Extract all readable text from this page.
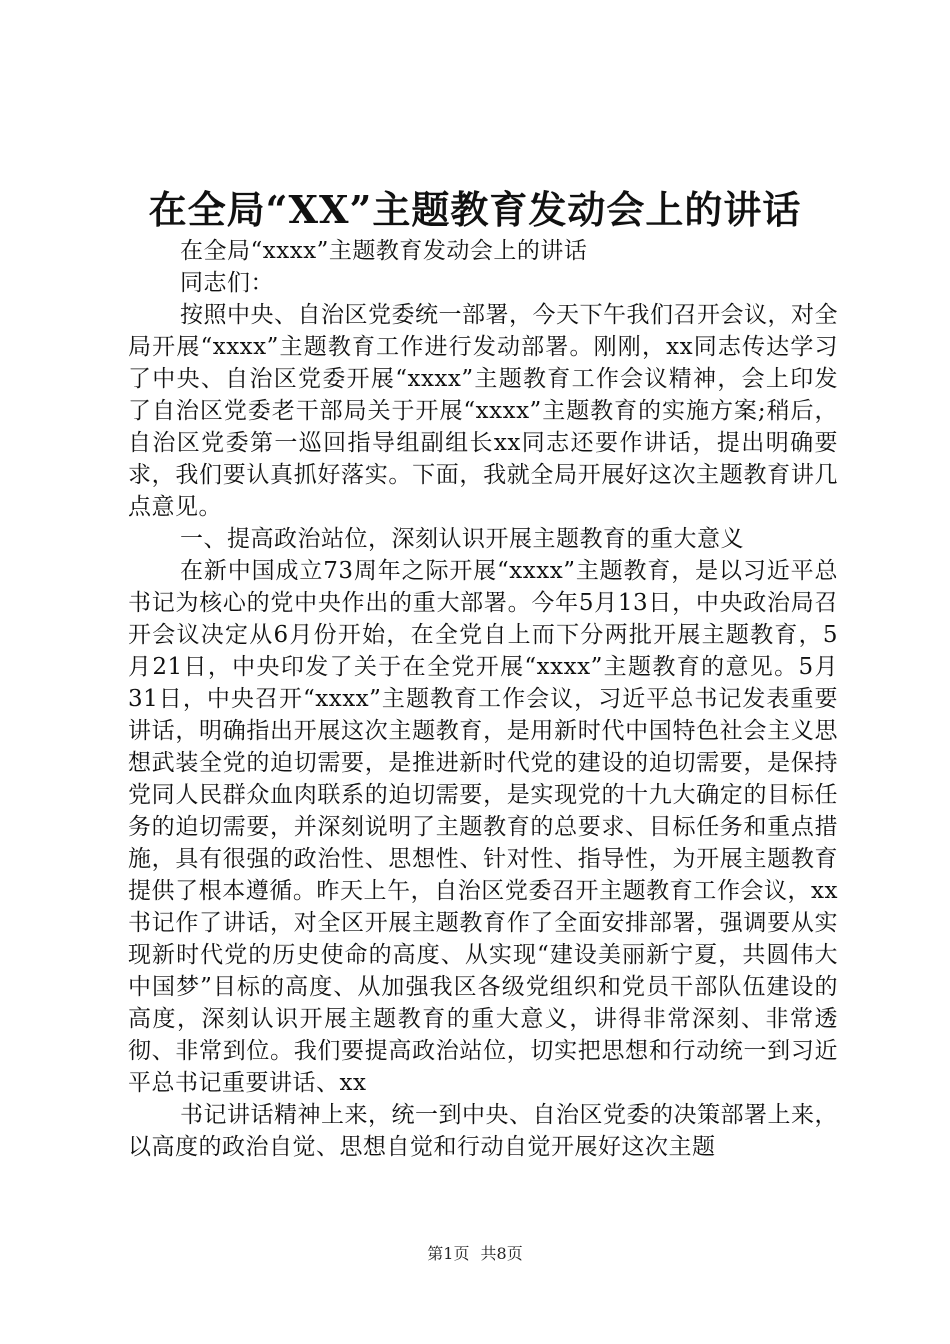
在全局“XX”主题教育发动会上的讲话

在全局“xxxx”主题教育发动会上的讲话

同志们：

按照中央、自治区党委统一部署，今天下午我们召开会议，对全局开展“xxxx”主题教育工作进行发动部署。刚刚，xx同志传达学习了中央、自治区党委开展“xxxx”主题教育工作会议精神，会上印发了自治区党委老干部局关于开展“xxxx”主题教育的实施方案;稍后，自治区党委第一巡回指导组副组长xx同志还要作讲话，提出明确要求，我们要认真抓好落实。下面，我就全局开展好这次主题教育讲几点意见。

一、提高政治站位，深刻认识开展主题教育的重大意义

在新中国成立73周年之际开展“xxxx”主题教育，是以习近平总书记为核心的党中央作出的重大部署。今年5月13日，中央政治局召开会议决定从6月份开始，在全党自上而下分两批开展主题教育，5月21日，中央印发了关于在全党开展“xxxx”主题教育的意见。5月31日，中央召开“xxxx”主题教育工作会议，习近平总书记发表重要讲话，明确指出开展这次主题教育，是用新时代中国特色社会主义思想武装全党的迫切需要，是推进新时代党的建设的迫切需要，是保持党同人民群众血肉联系的迫切需要，是实现党的十九大确定的目标任务的迫切需要，并深刻说明了主题教育的总要求、目标任务和重点措施，具有很强的政治性、思想性、针对性、指导性，为开展主题教育提供了根本遵循。昨天上午，自治区党委召开主题教育工作会议，xx书记作了讲话，对全区开展主题教育作了全面安排部署，强调要从实现新时代党的历史使命的高度、从实现“建设美丽新宁夏，共圆伟大中国梦”目标的高度、从加强我区各级党组织和党员干部队伍建设的高度，深刻认识开展主题教育的重大意义，讲得非常深刻、非常透彻、非常到位。我们要提高政治站位，切实把思想和行动统一到习近平总书记重要讲话、xx

书记讲话精神上来，统一到中央、自治区党委的决策部署上来，以高度的政治自觉、思想自觉和行动自觉开展好这次主题

第1页 共8页
